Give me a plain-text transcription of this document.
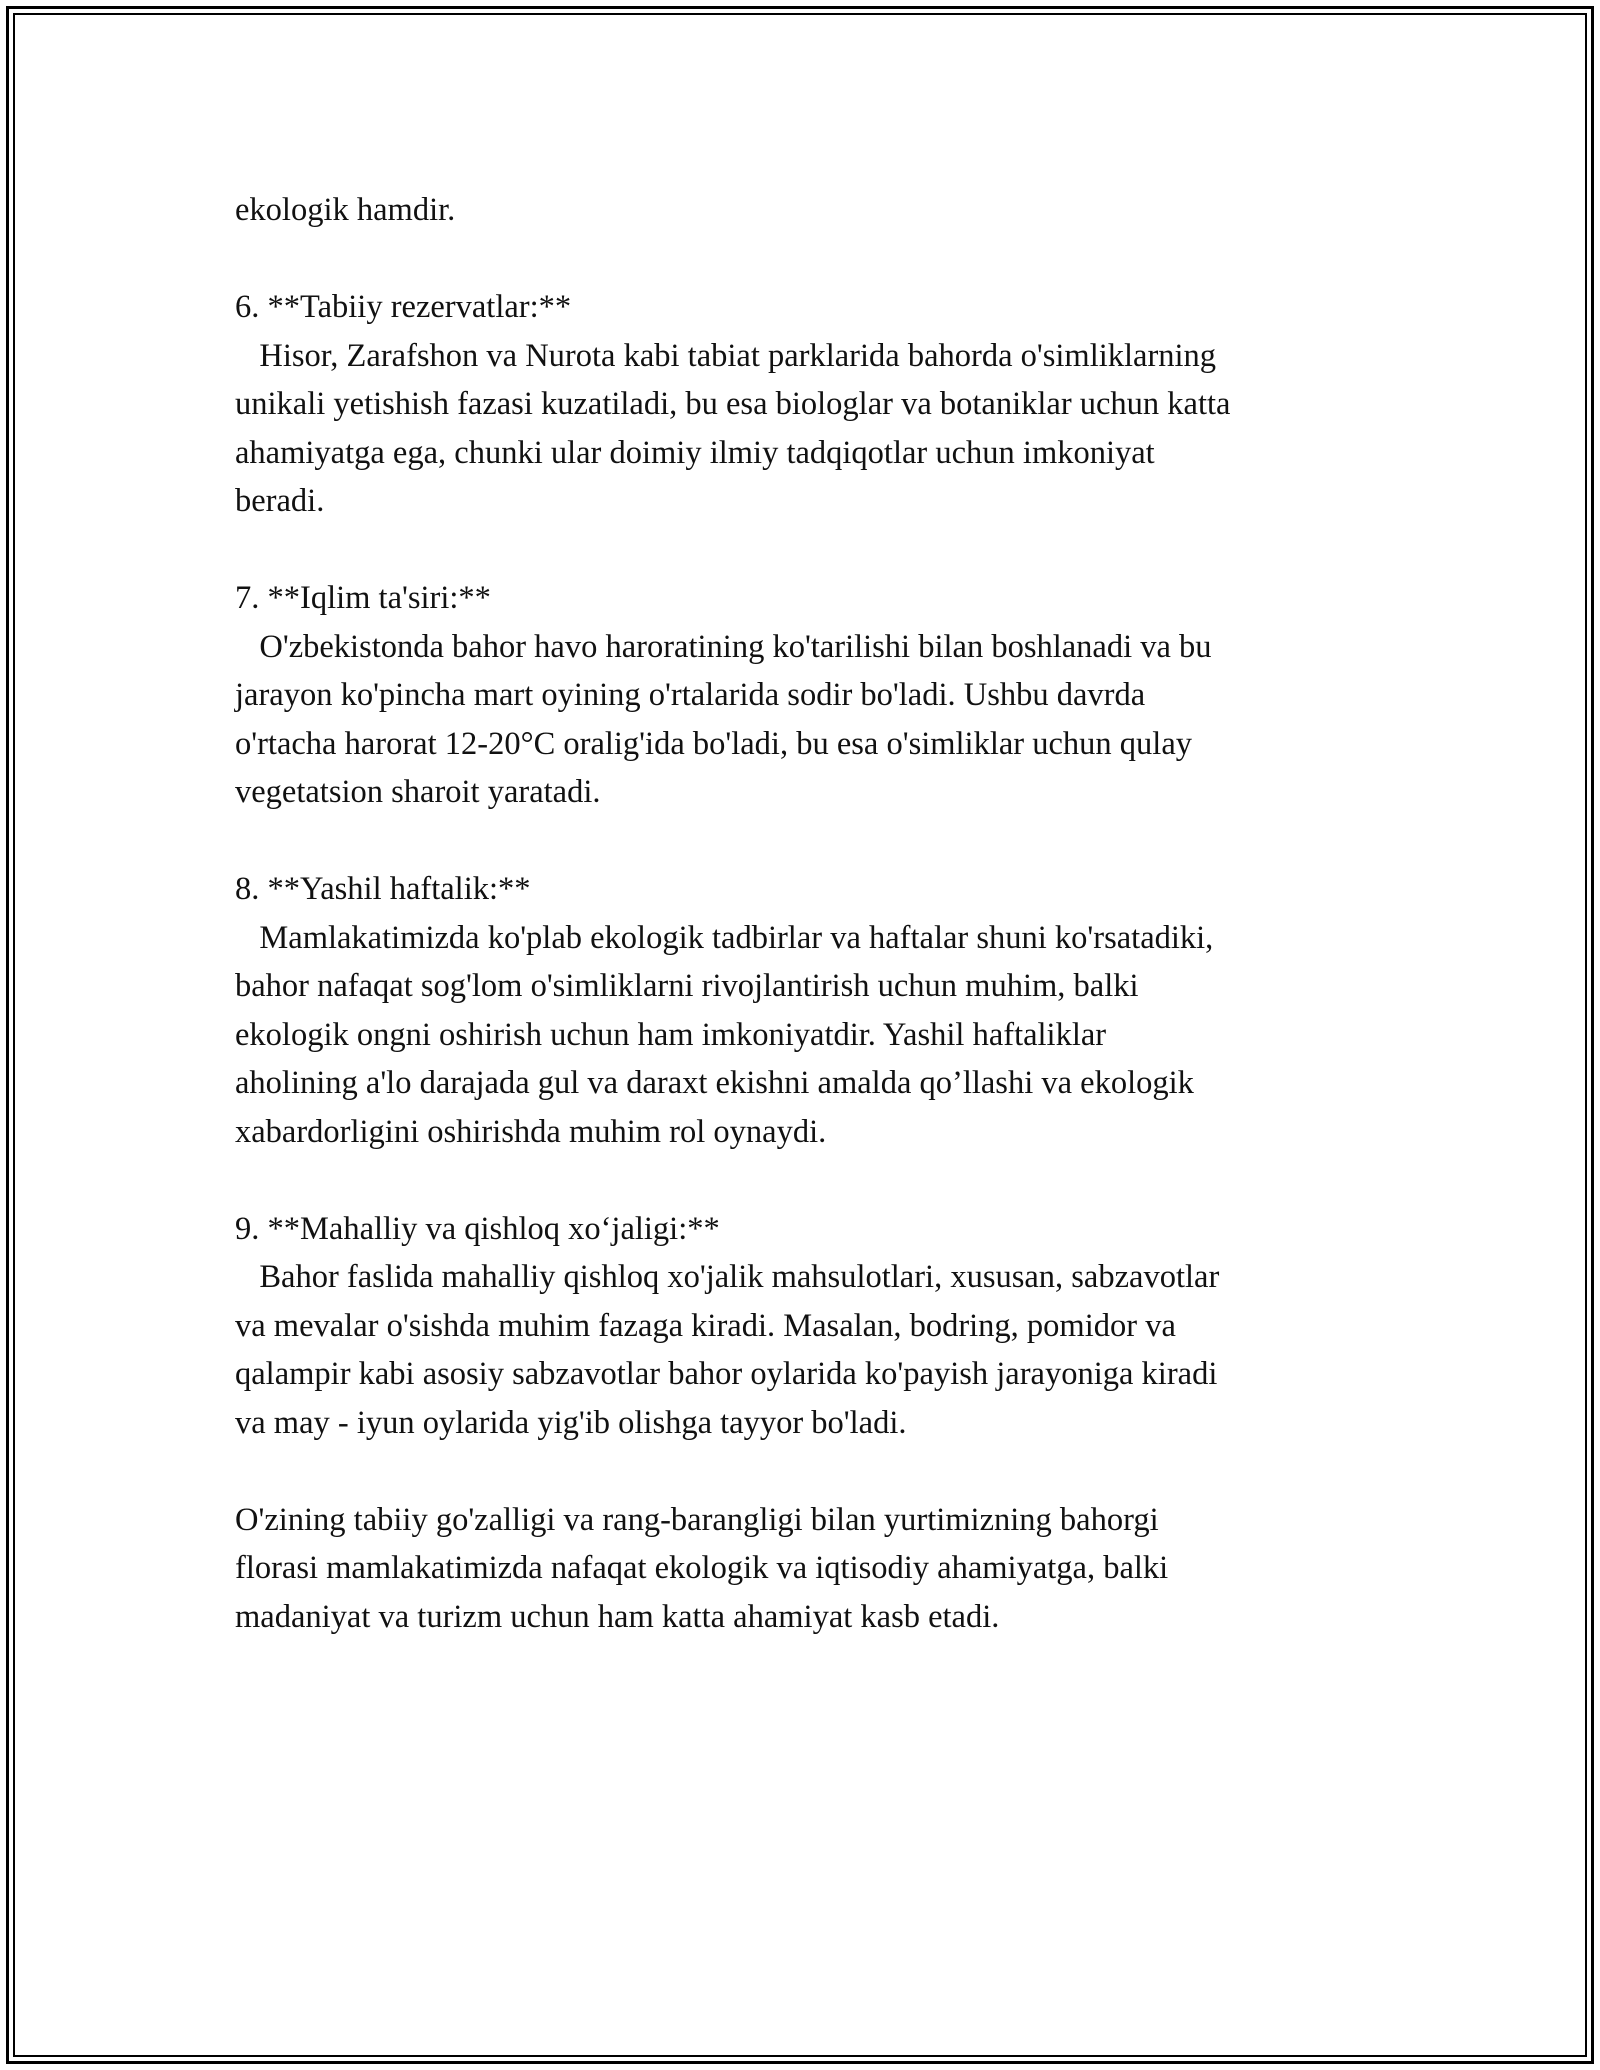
ekologik hamdir.
6. **Tabiiy rezervatlar:**
Hisor, Zarafshon va Nurota kabi tabiat parklarida bahorda o'simliklarning
unikali yetishish fazasi kuzatiladi, bu esa biologlar va botaniklar uchun katta
ahamiyatga ega, chunki ular doimiy ilmiy tadqiqotlar uchun imkoniyat
beradi.
7. **Iqlim ta'siri:**
O'zbekistonda bahor havo haroratining ko'tarilishi bilan boshlanadi va bu
jarayon ko'pincha mart oyining o'rtalarida sodir bo'ladi. Ushbu davrda
o'rtacha harorat 12-20°C oralig'ida bo'ladi, bu esa o'simliklar uchun qulay
vegetatsion sharoit yaratadi.
8. **Yashil haftalik:**
Mamlakatimizda ko'plab ekologik tadbirlar va haftalar shuni ko'rsatadiki,
bahor nafaqat sog'lom o'simliklarni rivojlantirish uchun muhim, balki
ekologik ongni oshirish uchun ham imkoniyatdir. Yashil haftaliklar
aholining a'lo darajada gul va daraxt ekishni amalda qo’llashi va ekologik
xabardorligini oshirishda muhim rol oynaydi.
9. **Mahalliy va qishloq xo‘jaligi:**
Bahor faslida mahalliy qishloq xo'jalik mahsulotlari, xususan, sabzavotlar
va mevalar o'sishda muhim fazaga kiradi. Masalan, bodring, pomidor va
qalampir kabi asosiy sabzavotlar bahor oylarida ko'payish jarayoniga kiradi
va may - iyun oylarida yig'ib olishga tayyor bo'ladi.
O'zining tabiiy go'zalligi va rang-barangligi bilan yurtimizning bahorgi
florasi mamlakatimizda nafaqat ekologik va iqtisodiy ahamiyatga, balki
madaniyat va turizm uchun ham katta ahamiyat kasb etadi.
